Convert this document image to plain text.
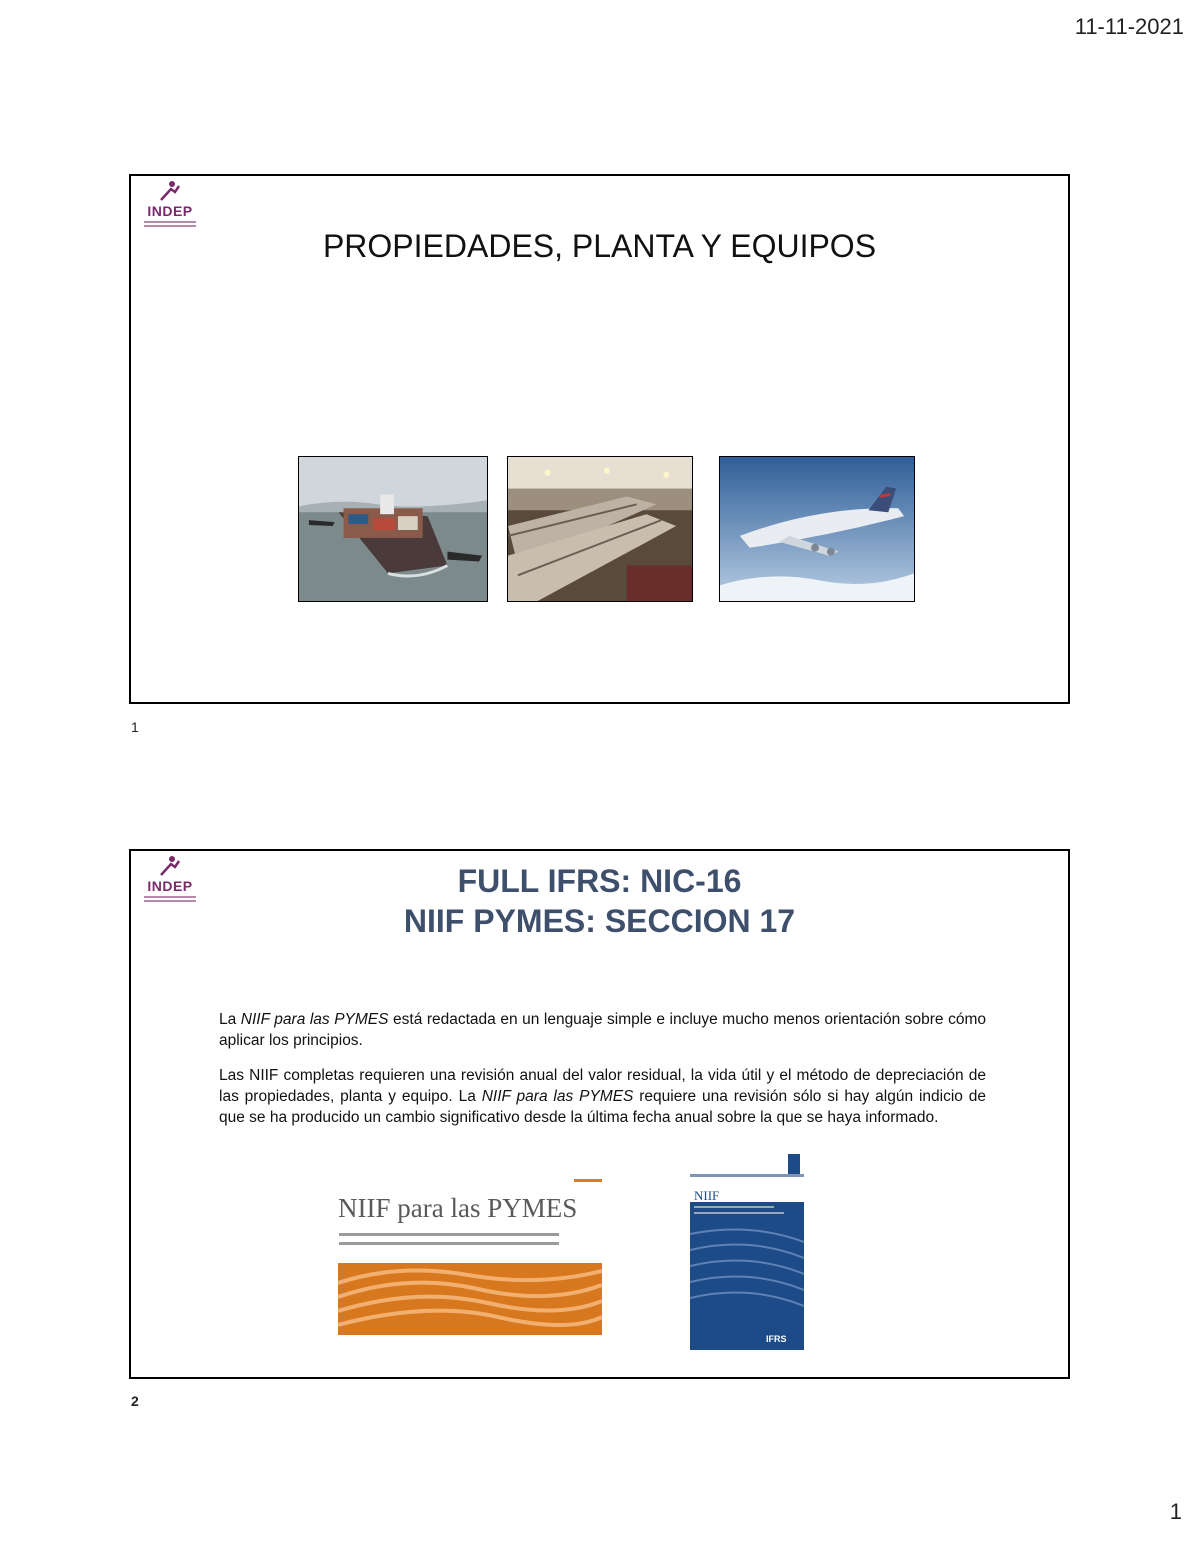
11-11-2021
INDEP
PROPIEDADES, PLANTA Y EQUIPOS
1
INDEP	FULL IFRS: NIC-16
NIIF PYMES: SECCION 17

La NIIF para las PYMES está redactada en un lenguaje simple e incluye mucho menos orientación sobre cómo aplicar los principios.

Las NIIF completas requieren una revisión anual del valor residual, la vida útil y el método de depreciación de las propiedades, planta y equipo. La NIIF para las PYMES requiere una revisión sólo si hay algún indicio de que se ha producido un cambio significativo desde la última fecha anual sobre la que se haya informado.

NIIF para las PYMES	NIIF
IFRS
2
1
